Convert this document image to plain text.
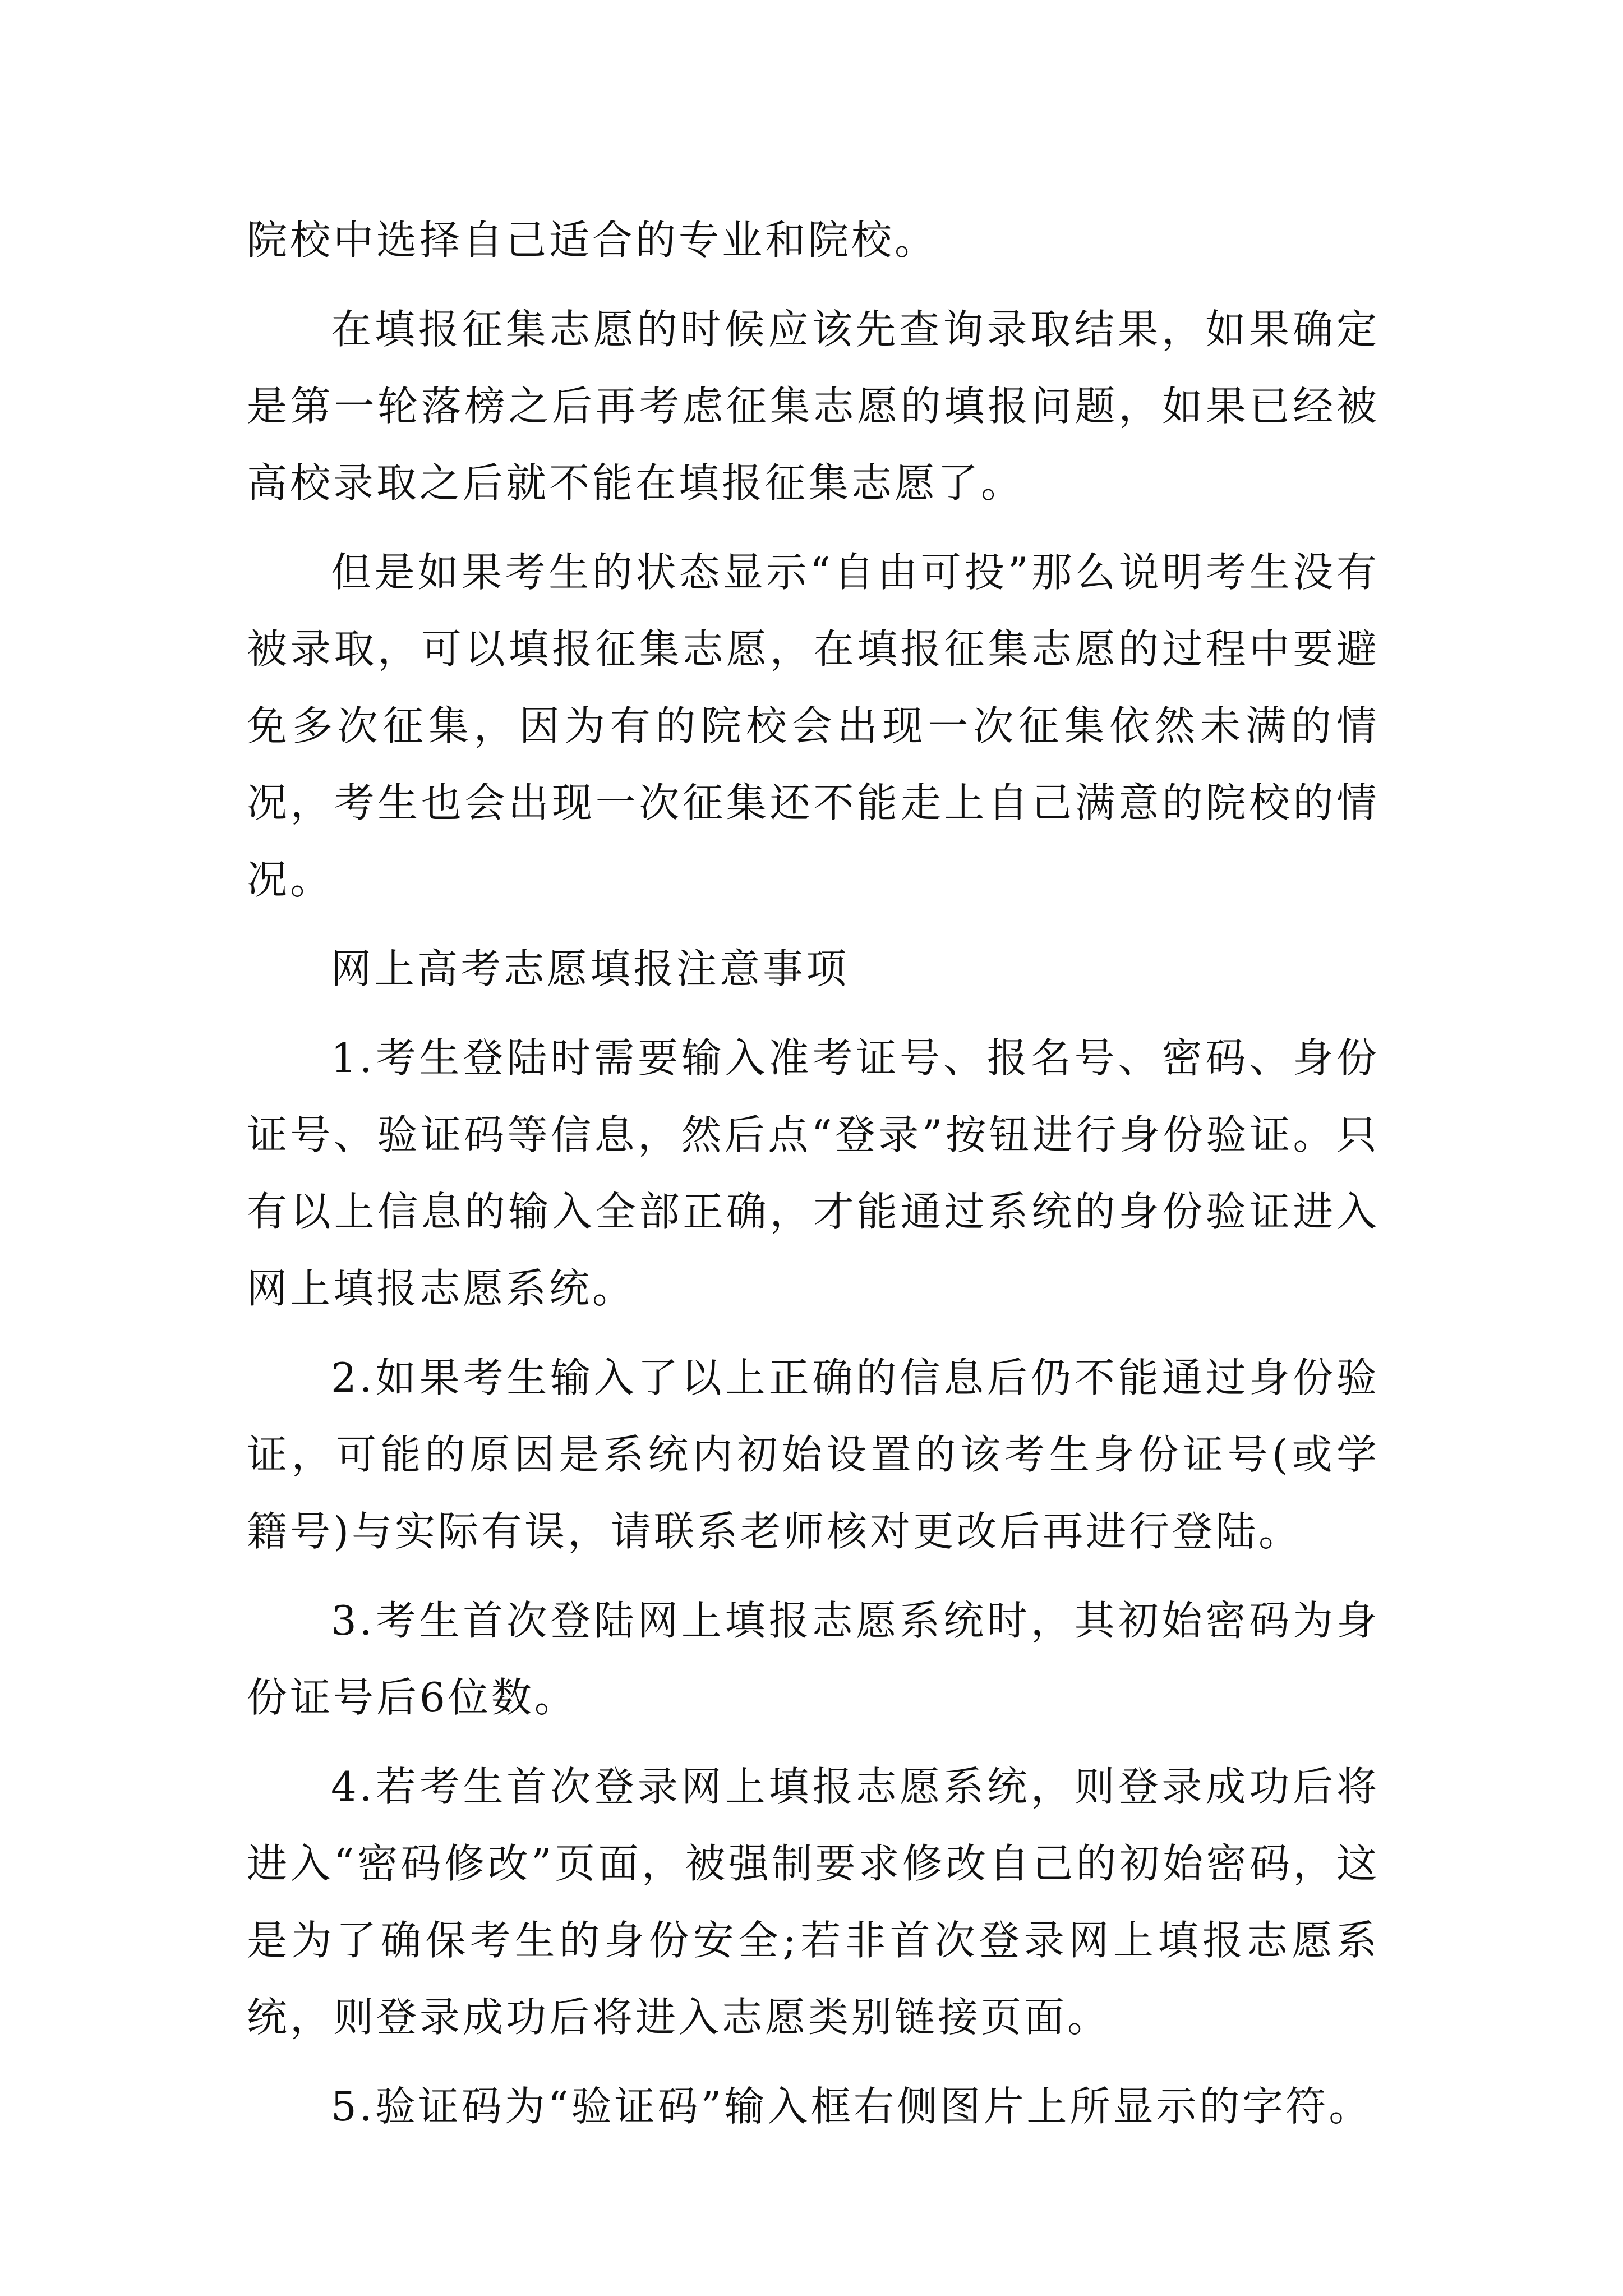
院校中选择自己适合的专业和院校。

在填报征集志愿的时候应该先查询录取结果，如果确定是第一轮落榜之后再考虑征集志愿的填报问题，如果已经被高校录取之后就不能在填报征集志愿了。

但是如果考生的状态显示“自由可投”那么说明考生没有被录取，可以填报征集志愿，在填报征集志愿的过程中要避免多次征集，因为有的院校会出现一次征集依然未满的情况，考生也会出现一次征集还不能走上自己满意的院校的情况。

网上高考志愿填报注意事项

1.考生登陆时需要输入准考证号、报名号、密码、身份证号、验证码等信息，然后点“登录”按钮进行身份验证。只有以上信息的输入全部正确，才能通过系统的身份验证进入网上填报志愿系统。

2.如果考生输入了以上正确的信息后仍不能通过身份验证，可能的原因是系统内初始设置的该考生身份证号(或学籍号)与实际有误，请联系老师核对更改后再进行登陆。

3.考生首次登陆网上填报志愿系统时，其初始密码为身份证号后6位数。

4.若考生首次登录网上填报志愿系统，则登录成功后将进入“密码修改”页面，被强制要求修改自己的初始密码，这是为了确保考生的身份安全;若非首次登录网上填报志愿系统，则登录成功后将进入志愿类别链接页面。

5.验证码为“验证码”输入框右侧图片上所显示的字符。
